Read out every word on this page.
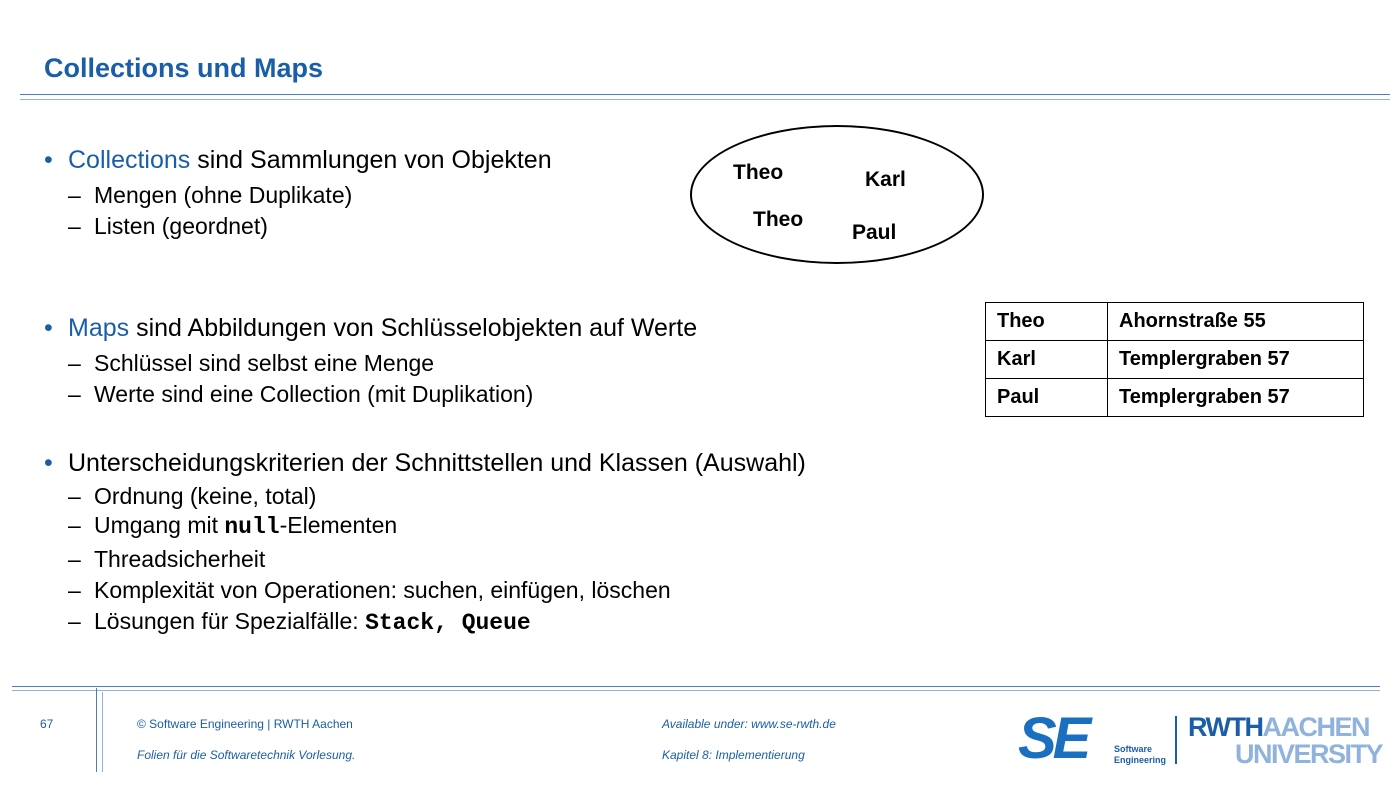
Collections und Maps
• Collections sind Sammlungen von Objekten
– Mengen (ohne Duplikate)
– Listen (geordnet)
Theo	Karl
Theo
Paul
• Maps sind Abbildungen von Schlüsselobjekten auf Werte
– Schlüssel sind selbst eine Menge
– Werte sind eine Collection (mit Duplikation)
Theo	Ahornstraße 55
Karl	Templergraben 57
Paul	Templergraben 57
• Unterscheidungskriterien der Schnittstellen und Klassen (Auswahl)
– Ordnung (keine, total)
– Umgang mit null-Elementen
– Threadsicherheit
– Komplexität von Operationen: suchen, einfügen, löschen
– Lösungen für Spezialfälle: Stack, Queue
67	© Software Engineering | RWTH Aachen
Folien für die Softwaretechnik Vorlesung.
Available under: www.se-rwth.de
Kapitel 8: Implementierung	SE	Software
Engineering
RWTHAACHEN
UNIVERSITY
